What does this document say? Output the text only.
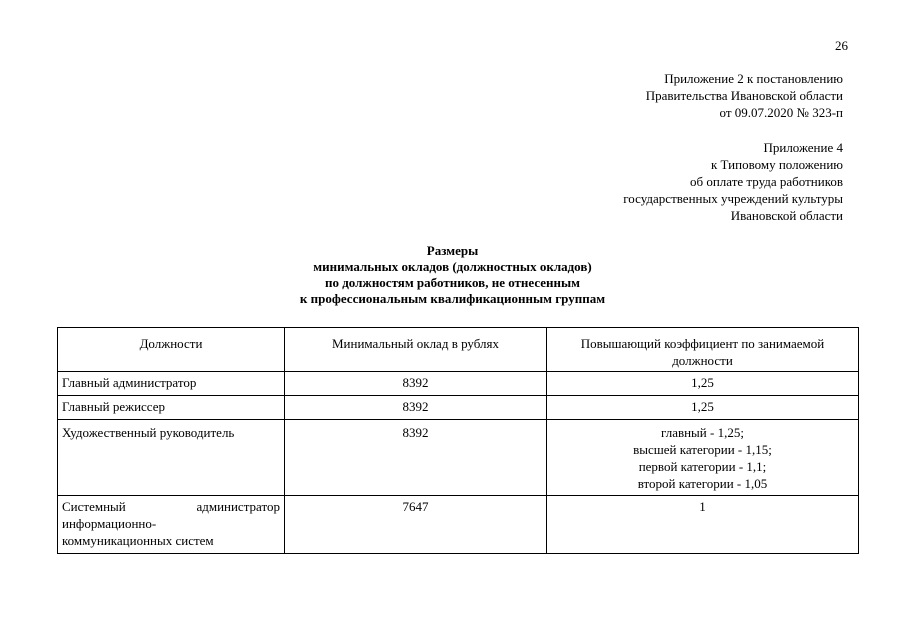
26
Приложение 2 к постановлению
Правительства Ивановской области
от 09.07.2020 № 323-п
Приложение 4
к Типовому положению
об оплате труда работников
государственных учреждений культуры
Ивановской области
Размеры
минимальных окладов (должностных окладов)
по должностям работников, не отнесенным
к профессиональным квалификационным группам
Должности	Минимальный оклад в рублях	Повышающий коэффициент по занимаемой должности
Главный администратор	8392	1,25
Главный режиссер	8392	1,25
Художественный руководитель	8392	главный - 1,25;
высшей категории - 1,15;
первой категории - 1,1;
второй категории - 1,05

Системный администратор
информационно-
коммуникационных систем	7647	1
